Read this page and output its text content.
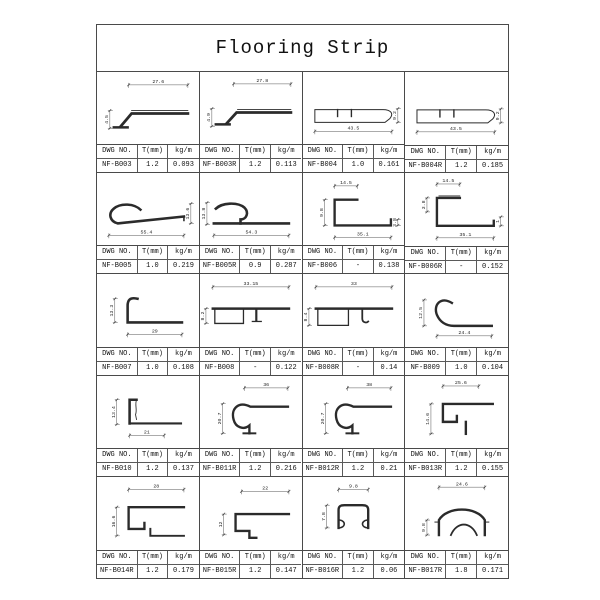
Flooring Strip
27.6
4.5
DWG NO.	T(mm)	kg/m
NF-B003	1.2	0.093
27.8
4.9
DWG NO.	T(mm)	kg/m
NF-B003R	1.2	0.113
43.5
9.2
DWG NO.	T(mm)	kg/m
NF-B004	1.0	0.161
43.5
9.2
DWG NO.	T(mm)	kg/m
NF-B004R	1.2	0.185
55.4
13.6
DWG NO.	T(mm)	kg/m
NF-B005	1.0	0.219
54.3
13.8
DWG NO.	T(mm)	kg/m
NF-B005R	0.9	0.287
14.5
9.8
3.8
35.1
DWG NO.	T(mm)	kg/m
NF-B006	-	0.138
14.5
3.8
1
35.1
DWG NO.	T(mm)	kg/m
NF-B006R	-	0.152
13.3
29
DWG NO.	T(mm)	kg/m
NF-B007	1.0	0.108
33.15
8.2
DWG NO.	T(mm)	kg/m
NF-B008	-	0.122
33
8.4
DWG NO.	T(mm)	kg/m
NF-B008R	-	0.14
12.5
24.4
DWG NO.	T(mm)	kg/m
NF-B009	1.0	0.104
13.4
21
DWG NO.	T(mm)	kg/m
NF-B010	1.2	0.137
36
20.7
DWG NO.	T(mm)	kg/m
NF-B011R	1.2	0.216
38
20.7
DWG NO.	T(mm)	kg/m
NF-B012R	1.2	0.21
25.6
14.6
DWG NO.	T(mm)	kg/m
NF-B013R	1.2	0.155
28
16.6
DWG NO.	T(mm)	kg/m
NF-B014R	1.2	0.179
22
12
DWG NO.	T(mm)	kg/m
NF-B015R	1.2	0.147
9.8
7.8
DWG NO.	T(mm)	kg/m
NF-B016R	1.2	0.06
24.6
9.8
DWG NO.	T(mm)	kg/m
NF-B017R	1.8	0.171
